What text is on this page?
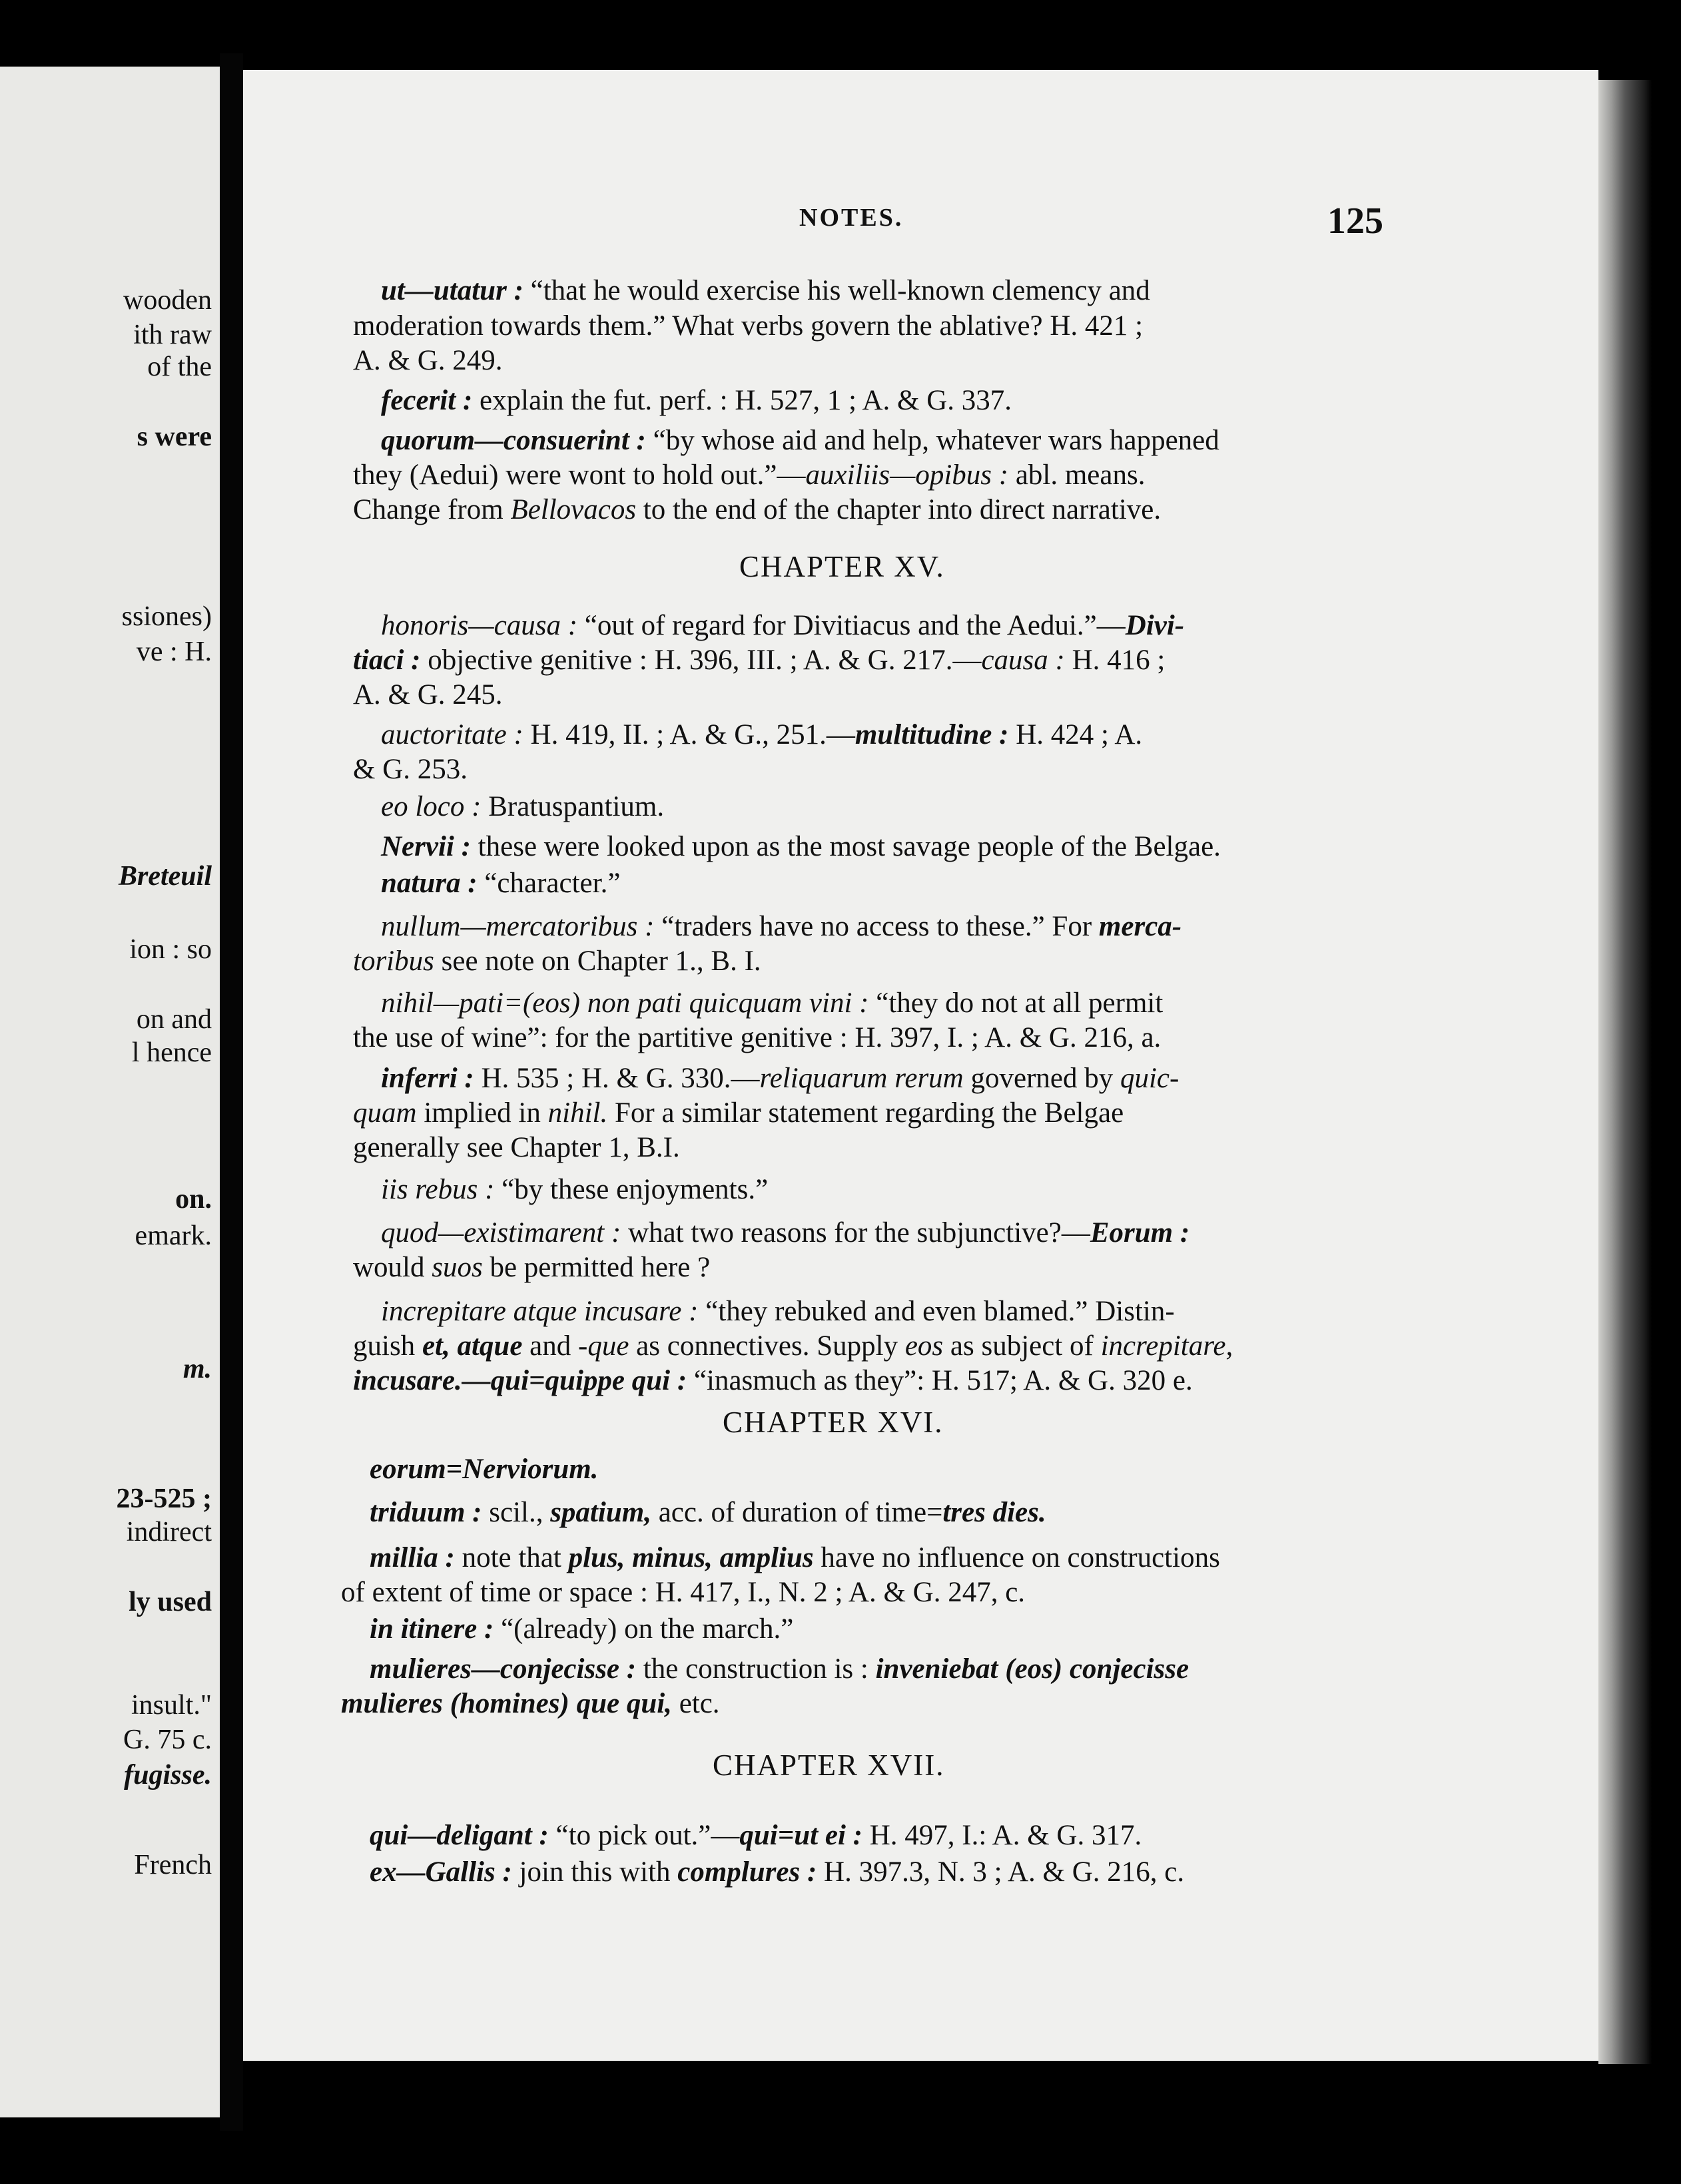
wooden
ith raw
of the
s were
ssiones)
ve : H.
Breteuil
ion : so
on and
l hence
on.
emark.
m.
23-525 ;
indirect
ly used
insult."
G. 75 c.
fugisse.
French
NOTES.	125
ut—utatur : “that he would exercise his well-known clemency and
moderation towards them.” What verbs govern the ablative? H. 421 ;
A. & G. 249.
fecerit : explain the fut. perf. : H. 527, 1 ; A. & G. 337.
quorum—consuerint : “by whose aid and help, whatever wars happened
they (Aedui) were wont to hold out.”—auxiliis—opibus : abl. means.
Change from Bellovacos to the end of the chapter into direct narrative.
CHAPTER XV.
honoris—causa : “out of regard for Divitiacus and the Aedui.”—Divi-
tiaci : objective genitive : H. 396, III. ; A. & G. 217.—causa : H. 416 ;
A. & G. 245.
auctoritate : H. 419, II. ; A. & G., 251.—multitudine : H. 424 ; A.
& G. 253.
eo loco : Bratuspantium.
Nervii : these were looked upon as the most savage people of the Belgae.
natura : “character.”
nullum—mercatoribus : “traders have no access to these.” For merca-
toribus see note on Chapter 1., B. I.
nihil—pati=(eos) non pati quicquam vini : “they do not at all permit
the use of wine”: for the partitive genitive : H. 397, I. ; A. & G. 216, a.
inferri : H. 535 ; H. & G. 330.—reliquarum rerum governed by quic-
quam implied in nihil. For a similar statement regarding the Belgae
generally see Chapter 1, B.I.
iis rebus : “by these enjoyments.”
quod—existimarent : what two reasons for the subjunctive?—Eorum :
would suos be permitted here ?
increpitare atque incusare : “they rebuked and even blamed.” Distin-
guish et, atque and -que as connectives. Supply eos as subject of increpitare,
incusare.—qui=quippe qui : “inasmuch as they”: H. 517; A. & G. 320 e.
CHAPTER XVI.
eorum=Nerviorum.
triduum : scil., spatium, acc. of duration of time=tres dies.
millia : note that plus, minus, amplius have no influence on constructions
of extent of time or space : H. 417, I., N. 2 ; A. & G. 247, c.
in itinere : “(already) on the march.”
mulieres—conjecisse : the construction is : inveniebat (eos) conjecisse
mulieres (homines) que qui, etc.
CHAPTER XVII.
qui—deligant : “to pick out.”—qui=ut ei : H. 497, I.: A. & G. 317.
ex—Gallis : join this with complures : H. 397.3, N. 3 ; A. & G. 216, c.
